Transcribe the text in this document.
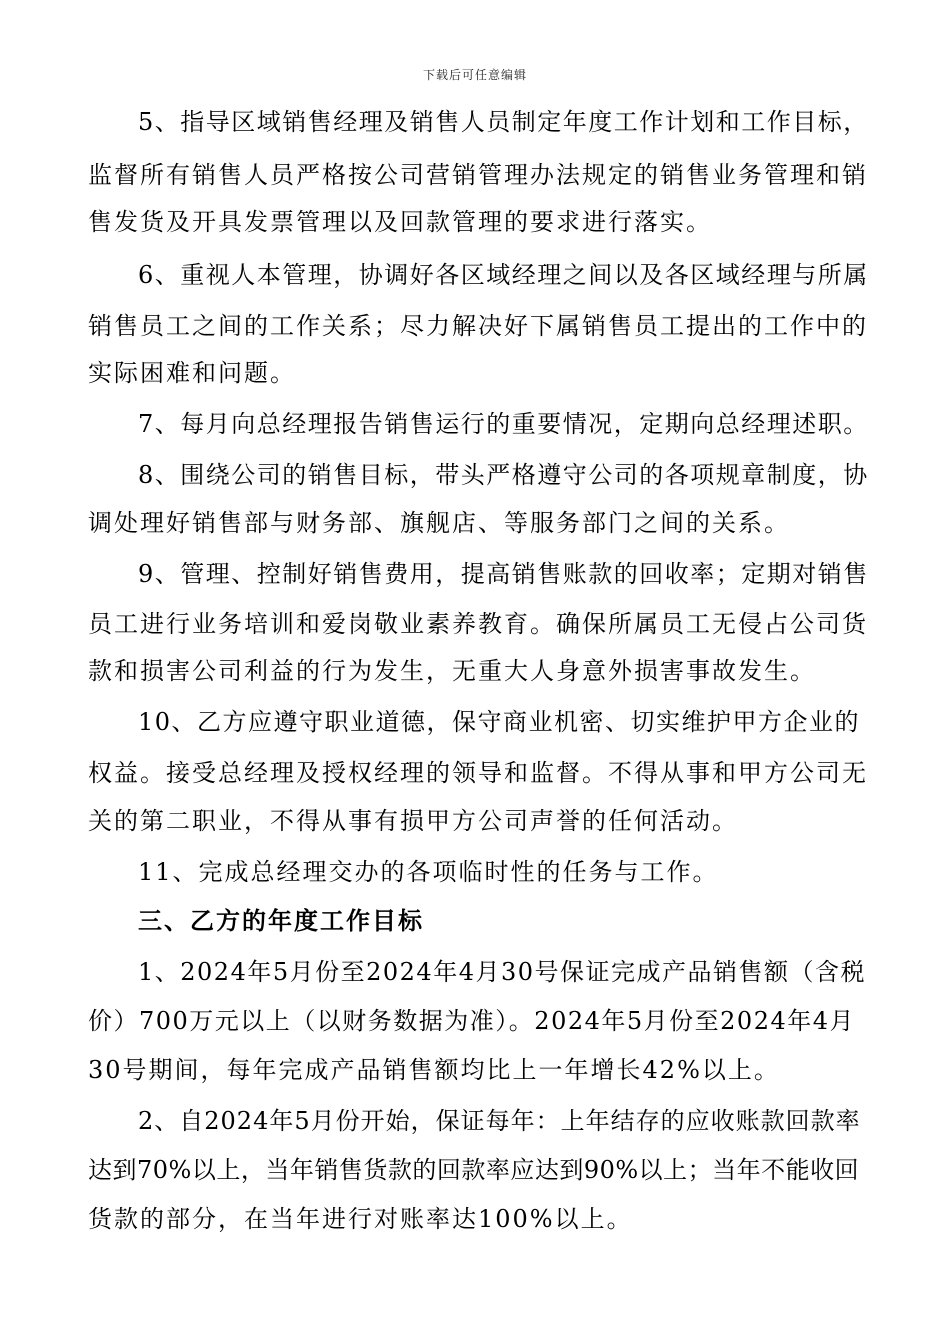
下载后可任意编辑
5、指导区域销售经理及销售人员制定年度工作计划和工作目标，
监督所有销售人员严格按公司营销管理办法规定的销售业务管理和销
售发货及开具发票管理以及回款管理的要求进行落实。
6、重视人本管理，协调好各区域经理之间以及各区域经理与所属
销售员工之间的工作关系；尽力解决好下属销售员工提出的工作中的
实际困难和问题。
7、每月向总经理报告销售运行的重要情况，定期向总经理述职。
8、围绕公司的销售目标，带头严格遵守公司的各项规章制度，协
调处理好销售部与财务部、旗舰店、等服务部门之间的关系。
9、管理、控制好销售费用，提高销售账款的回收率；定期对销售
员工进行业务培训和爱岗敬业素养教育。确保所属员工无侵占公司货
款和损害公司利益的行为发生，无重大人身意外损害事故发生。
10、乙方应遵守职业道德，保守商业机密、切实维护甲方企业的
权益。接受总经理及授权经理的领导和监督。不得从事和甲方公司无
关的第二职业，不得从事有损甲方公司声誉的任何活动。
11、完成总经理交办的各项临时性的任务与工作。
三、乙方的年度工作目标
1、2024年5月份至2024年4月30号保证完成产品销售额（含税
价）700万元以上（以财务数据为准）。2024年5月份至2024年4月
30号期间，每年完成产品销售额均比上一年增长42%以上。
2、自2024年5月份开始，保证每年：上年结存的应收账款回款率
达到70%以上，当年销售货款的回款率应达到90%以上；当年不能收回
货款的部分，在当年进行对账率达100%以上。
